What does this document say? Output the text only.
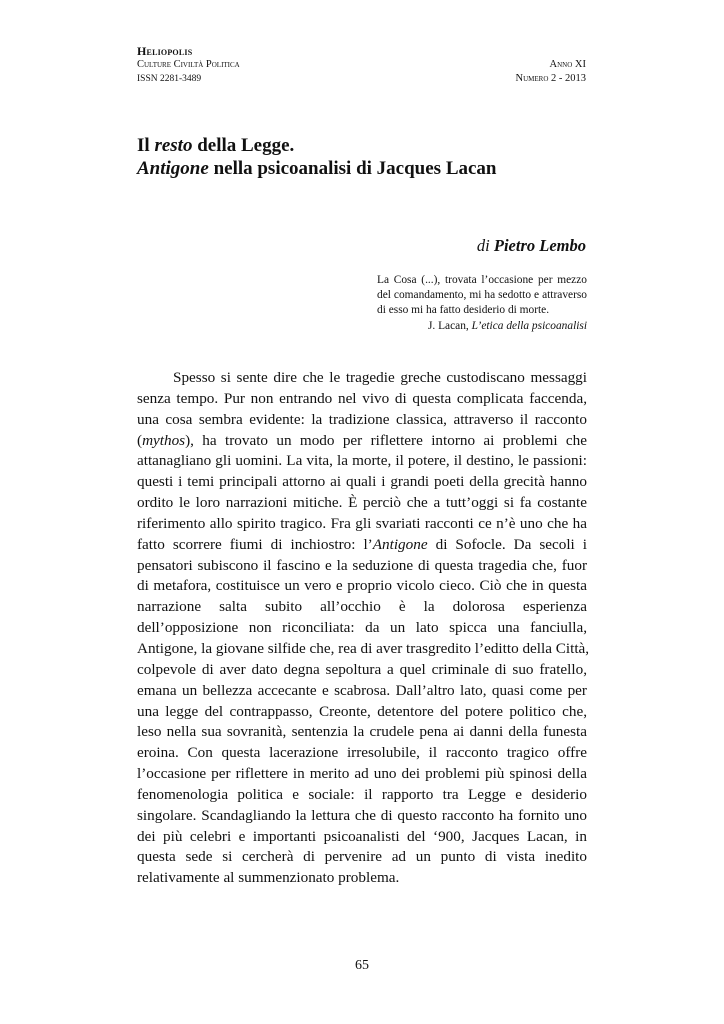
Heliopolis
Culture Civiltà Politica
ISSN 2281-3489
Anno XI
Numero 2 - 2013
Il resto della Legge.
Antigone nella psicoanalisi di Jacques Lacan
di Pietro Lembo
La Cosa (...), trovata l’occasione per mezzo del comandamento, mi ha sedotto e attraverso di esso mi ha fatto desiderio di morte.
J. Lacan, L’etica della psicoanalisi
Spesso si sente dire che le tragedie greche custodiscano messaggi
senza tempo. Pur non entrando nel vivo di questa complicata faccenda,
una cosa sembra evidente: la tradizione classica, attraverso il racconto
(mythos), ha trovato un modo per riflettere intorno ai problemi che
attanagliano gli uomini. La vita, la morte, il potere, il destino, le passioni:
questi i temi principali attorno ai quali i grandi poeti della grecità hanno
ordito le loro narrazioni mitiche. È perciò che a tutt’oggi si fa costante
riferimento allo spirito tragico. Fra gli svariati racconti ce n’è uno che ha
fatto scorrere fiumi di inchiostro: l’Antigone di Sofocle. Da secoli i
pensatori subiscono il fascino e la seduzione di questa tragedia che, fuor
di metafora, costituisce un vero e proprio vicolo cieco. Ciò che in questa
narrazione salta subito all’occhio è la dolorosa esperienza
dell’opposizione non riconciliata: da un lato spicca una fanciulla,
Antigone, la giovane silfide che, rea di aver trasgredito l’editto della Città,
colpevole di aver dato degna sepoltura a quel criminale di suo fratello,
emana un bellezza accecante e scabrosa. Dall’altro lato, quasi come per
una legge del contrappasso, Creonte, detentore del potere politico che,
leso nella sua sovranità, sentenzia la crudele pena ai danni della funesta
eroina. Con questa lacerazione irresolubile, il racconto tragico offre
l’occasione per riflettere in merito ad uno dei problemi più spinosi della
fenomenologia politica e sociale: il rapporto tra Legge e desiderio
singolare. Scandagliando la lettura che di questo racconto ha fornito uno
dei più celebri e importanti psicoanalisti del ‘900, Jacques Lacan, in
questa sede si cercherà di pervenire ad un punto di vista inedito
relativamente al summenzionato problema.
65
